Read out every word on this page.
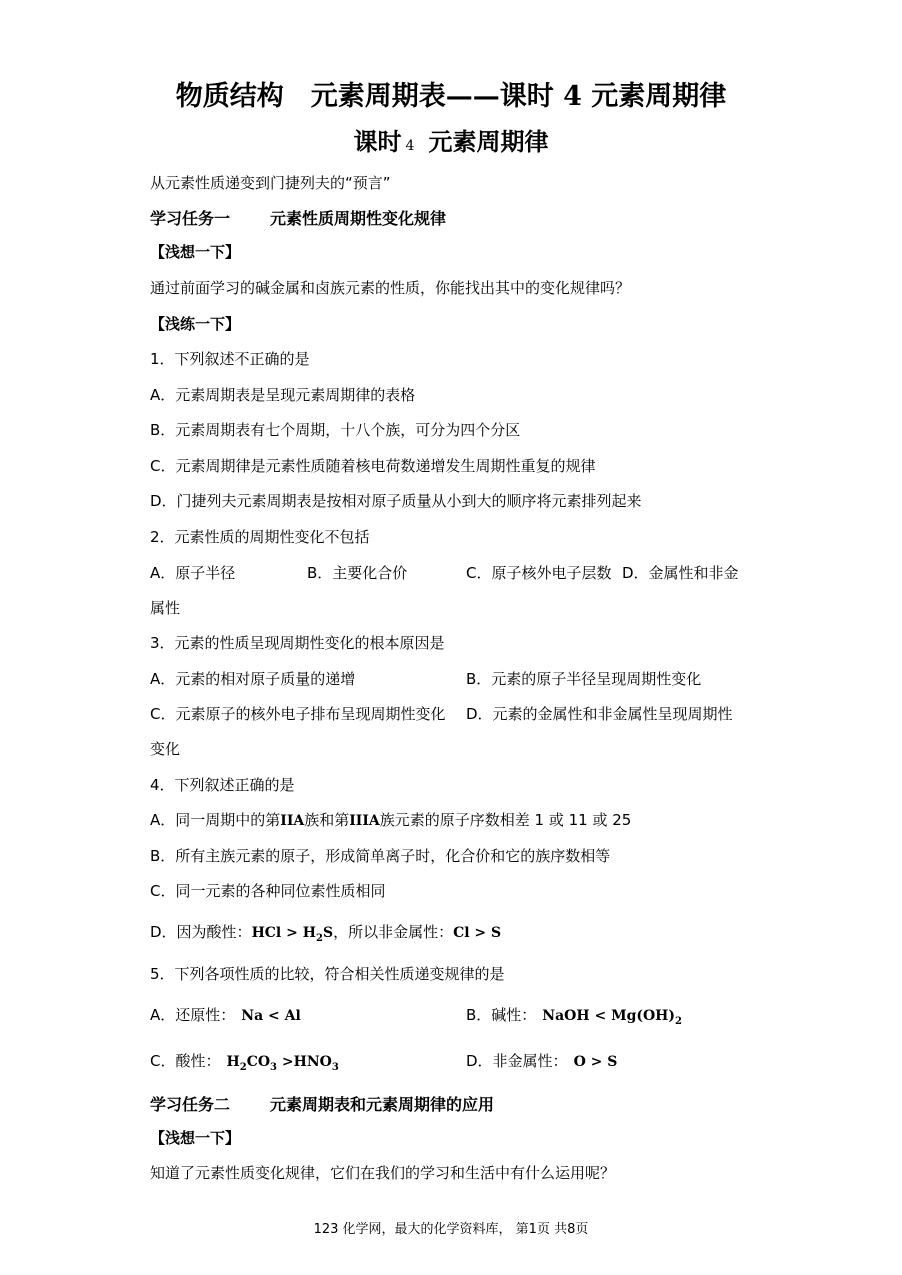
物质结构　元素周期表——课时 4 元素周期律
课时 4 元素周期律
从元素性质递变到门捷列夫的“预言”
学习任务一	元素性质周期性变化规律
【浅想一下】
通过前面学习的碱金属和卤族元素的性质，你能找出其中的变化规律吗？
【浅练一下】
1．下列叙述不正确的是
A．元素周期表是呈现元素周期律的表格
B．元素周期表有七个周期，十八个族，可分为四个分区
C．元素周期律是元素性质随着核电荷数递增发生周期性重复的规律
D．门捷列夫元素周期表是按相对原子质量从小到大的顺序将元素排列起来
2．元素性质的周期性变化不包括
A．原子半径	B．主要化合价	C．原子核外电子层数 D．金属性和非金
属性
3．元素的性质呈现周期性变化的根本原因是
A．元素的相对原子质量的递增	B．元素的原子半径呈现周期性变化
C．元素原子的核外电子排布呈现周期性变化 D．元素的金属性和非金属性呈现周期性
变化
4．下列叙述正确的是
A．同一周期中的第IIA族和第IIIA族元素的原子序数相差 1 或 11 或 25
B．所有主族元素的原子，形成简单离子时，化合价和它的族序数相等
C．同一元素的各种同位素性质相同
D．因为酸性：HCl > $H_2S$，所以非金属性：Cl > S
5．下列各项性质的比较，符合相关性质递变规律的是
A．还原性： Na < Al	B．碱性： NaOH < $Mg(OH)_2$
C．酸性： $H_2CO_3 >HNO_3$	D．非金属性： O > S
学习任务二	元素周期表和元素周期律的应用
【浅想一下】
知道了元素性质变化规律，它们在我们的学习和生活中有什么运用呢？
123 化学网，最大的化学资料库， 第1页 共8页
